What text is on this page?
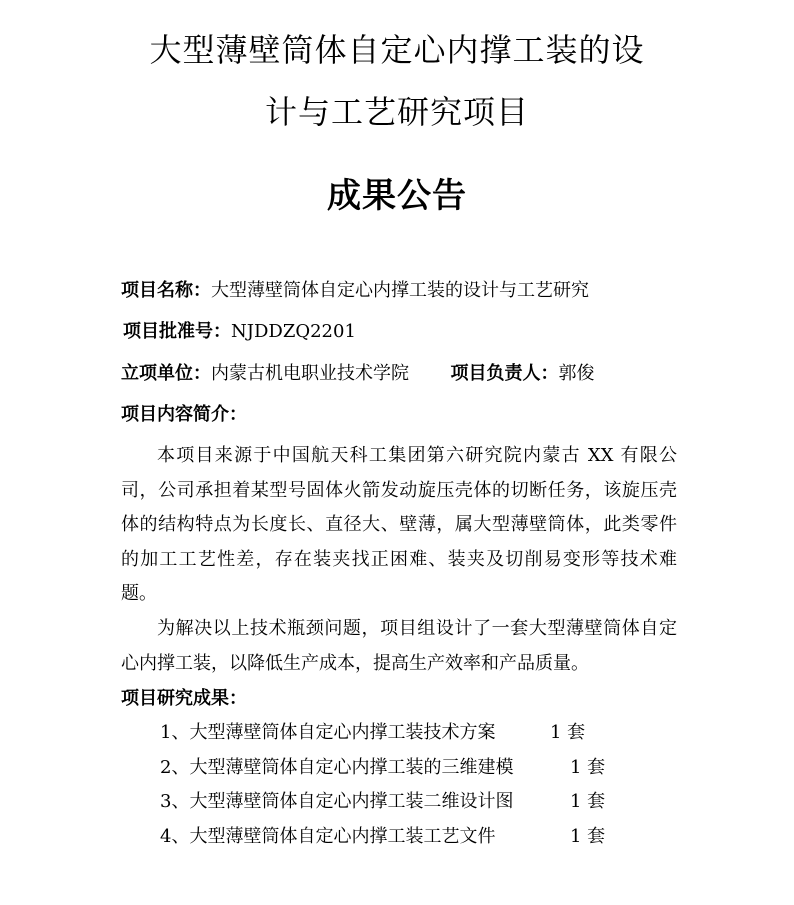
大型薄壁筒体自定心内撑工装的设
计与工艺研究项目
成果公告
项目名称：大型薄壁筒体自定心内撑工装的设计与工艺研究
项目批准号：NJDDZQ2201
立项单位：内蒙古机电职业技术学院 项目负责人：郭俊
项目内容简介：

本项目来源于中国航天科工集团第六研究院内蒙古 XX 有限公司，公司承担着某型号固体火箭发动旋压壳体的切断任务，该旋压壳体的结构特点为长度长、直径大、壁薄，属大型薄壁筒体，此类零件的加工工艺性差，存在装夹找正困难、装夹及切削易变形等技术难题。

为解决以上技术瓶颈问题，项目组设计了一套大型薄壁筒体自定心内撑工装，以降低生产成本，提高生产效率和产品质量。

项目研究成果：
1、大型薄壁筒体自定心内撑工装技术方案	1 套
2、大型薄壁筒体自定心内撑工装的三维建模	1 套
3、大型薄壁筒体自定心内撑工装二维设计图	1 套
4、大型薄壁筒体自定心内撑工装工艺文件	1 套
